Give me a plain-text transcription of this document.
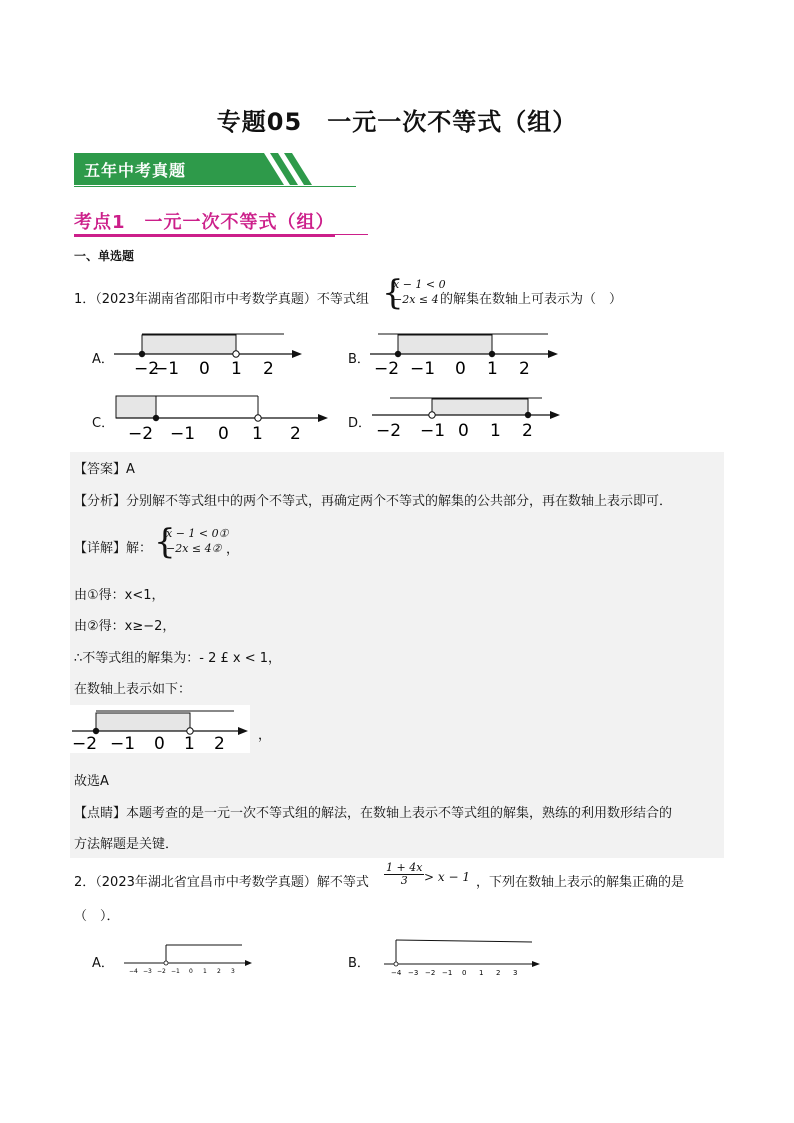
专题05　一元一次不等式（组）
五年中考真题
考点1　一元一次不等式（组）
一、单选题
1．（2023年湖南省邵阳市中考数学真题）不等式组 {
x − 1 < 0
−2x ≤ 4 的解集在数轴上可表示为（　）
A． −2
−1 0 1 2	B． −2 −1 0 1 2
C．
−2 −1 0 1 2
D． −2 −1 0 1 2
【答案】A
【分析】分别解不等式组中的两个不等式，再确定两个不等式的解集的公共部分，再在数轴上表示即可．
【详解】解： {
x − 1 < 0①
−2x ≤ 4② ，
由①得：x<1，
由②得：x≥−2，
∴不等式组的解集为：- 2 £ x < 1，
在数轴上表示如下：
−2 −1 0 1 2	，
故选A
【点睛】本题考查的是一元一次不等式组的解法，在数轴上表示不等式组的解集，熟练的利用数形结合的
方法解题是关键．
2．（2023年湖北省宜昌市中考数学真题）解不等式 $\frac{1 + 4x}{3} > x - 1$ ，下列在数轴上表示的解集正确的是
（　）．
A．
−4 −3 −2 −1 0 1 2 3
B．
−4 −3 −2 −1 0 1 2 3
